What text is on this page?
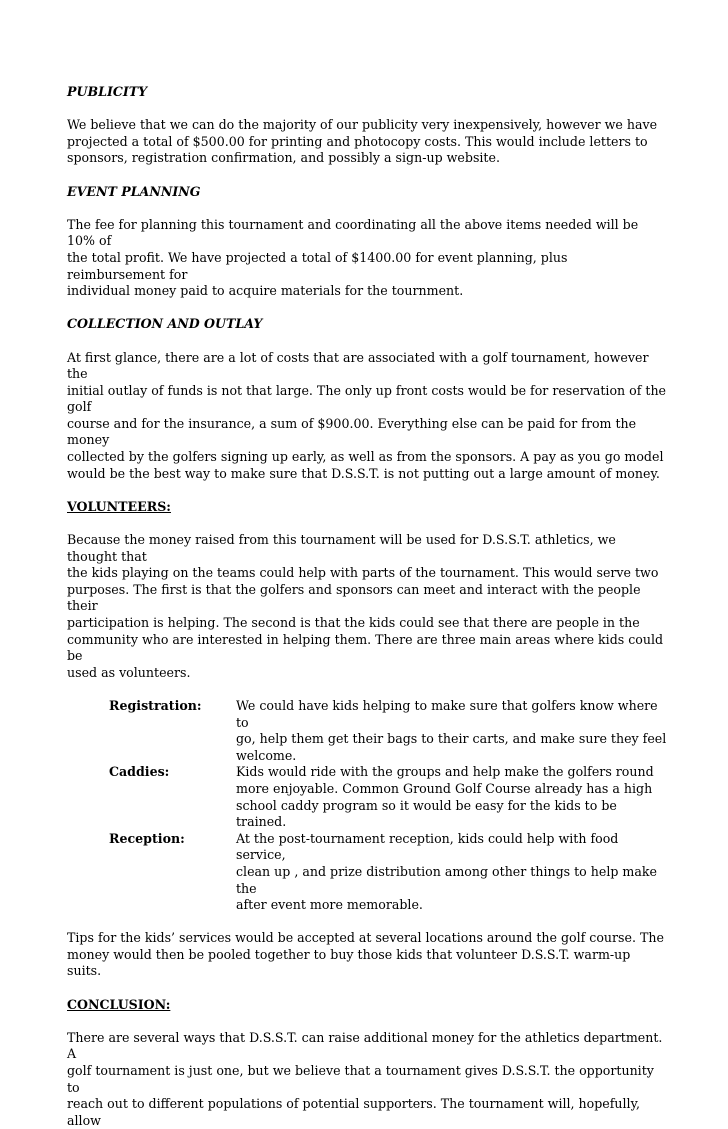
PUBLICITY

We believe that we can do the majority of our publicity very inexpensively, however we have

projected a total of $500.00 for printing and photocopy costs. This would include letters to

sponsors, registration confirmation, and possibly a sign-up website.

EVENT PLANNING

The fee for planning this tournament and coordinating all the above items needed will be 10% of

the total profit. We have projected a total of $1400.00 for event planning, plus reimbursement for

individual money paid to acquire materials for the tournment.

COLLECTION AND OUTLAY

At first glance, there are a lot of costs that are associated with a golf tournament, however the

initial outlay of funds is not that large. The only up front costs would be for reservation of the golf

course and for the insurance, a sum of $900.00. Everything else can be paid for from the money

collected by the golfers signing up early, as well as from the sponsors. A pay as you go model

would be the best way to make sure that D.S.S.T. is not putting out a large amount of money.

VOLUNTEERS:

Because the money raised from this tournament will be used for D.S.S.T. athletics, we thought that

the kids playing on the teams could help with parts of the tournament. This would serve two

purposes. The first is that the golfers and sponsors can meet and interact with the people their

participation is helping. The second is that the kids could see that there are people in the

community who are interested in helping them. There are three main areas where kids could be

used as volunteers.

Registration:	We could have kids helping to make sure that golfers know where to

go, help them get their bags to their carts, and make sure they feel

welcome.

Caddies:	Kids would ride with the groups and help make the golfers round

more enjoyable. Common Ground Golf Course already has a high

school caddy program so it would be easy for the kids to be trained.

Reception:	At the post-tournament reception, kids could help with food service,

clean up , and prize distribution among other things to help make the

after event more memorable.

Tips for the kids’ services would be accepted at several locations around the golf course. The

money would then be pooled together to buy those kids that volunteer D.S.S.T. warm-up suits.

CONCLUSION:

There are several ways that D.S.S.T. can raise additional money for the athletics department. A

golf tournament is just one, but we believe that a tournament gives D.S.S.T. the opportunity to

reach out to different populations of potential supporters. The tournament will, hopefully, allow
